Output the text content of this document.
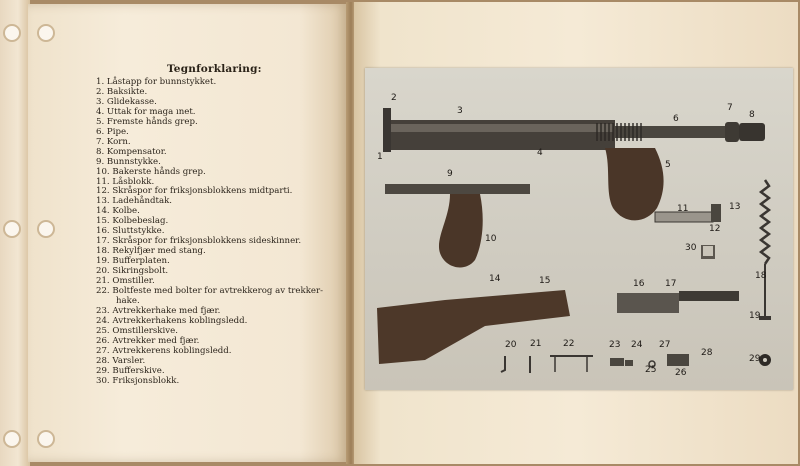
Tegnforklaring:
1. Låstapp for bunnstykket.
2. Baksikte.
3. Glidekasse.
4. Uttak for maga ınet.
5. Fremste hånds grep.
6. Pipe.
7. Korn.
8. Kompensator.
9. Bunnstykke.
10. Bakerste hånds grep.
11. Låsblokk.
12. Skråspor for friksjonsblokkens midtparti.
13. Ladehåndtak.
14. Kolbe.
15. Kolbebeslag.
16. Sluttstykke.
17. Skråspor for friksjonsblokkens sideskinner.
18. Rekylfjær med stang.
19. Bufferplaten.
20. Sikringsbolt.
21. Omstiller.
22. Boltfeste med bolter for avtrekkerog av trekker-
hake.
23. Avtrekkerhake med fjær.
24. Avtrekkerhakens koblingsledd.
25. Omstillerskive.
26. Avtrekker med fjær.
27. Avtrekkerens koblingsledd.
28. Varsler.
29. Bufferskive.
30. Friksjonsblokk.
1
2
3
4
5
6
7
8
9
10
11
12
13
14	15	16 17
18
19
20 21 22	23 24
25 26
27
28
29
30
